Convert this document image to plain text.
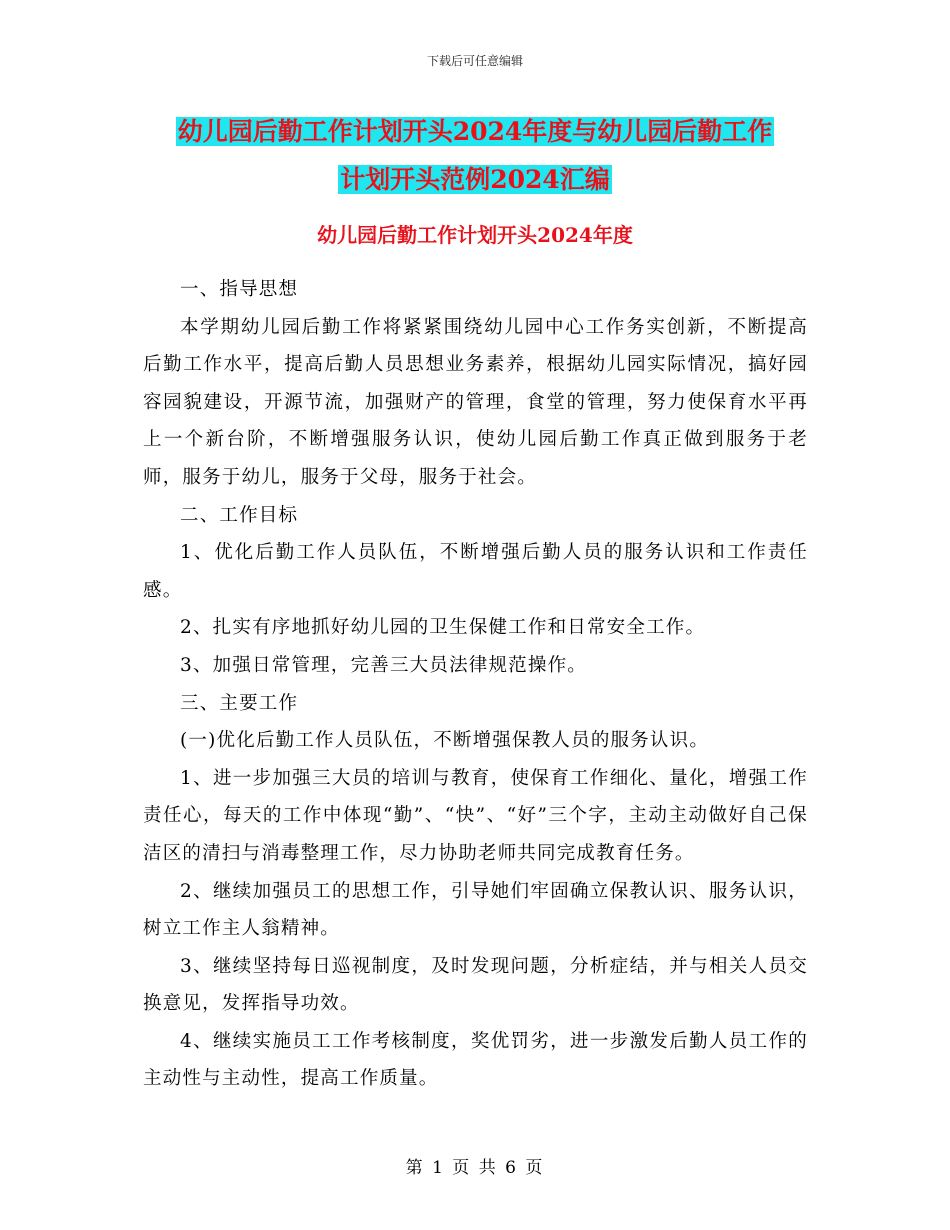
下载后可任意编辑
幼儿园后勤工作计划开头2024年度与幼儿园后勤工作
计划开头范例2024汇编
幼儿园后勤工作计划开头2024年度

一、指导思想

本学期幼儿园后勤工作将紧紧围绕幼儿园中心工作务实创新，不断提高后勤工作水平，提高后勤人员思想业务素养，根据幼儿园实际情况，搞好园容园貌建设，开源节流，加强财产的管理，食堂的管理，努力使保育水平再上一个新台阶，不断增强服务认识，使幼儿园后勤工作真正做到服务于老师，服务于幼儿，服务于父母，服务于社会。

二、工作目标

1、优化后勤工作人员队伍，不断增强后勤人员的服务认识和工作责任感。

2、扎实有序地抓好幼儿园的卫生保健工作和日常安全工作。

3、加强日常管理，完善三大员法律规范操作。

三、主要工作

(一)优化后勤工作人员队伍，不断增强保教人员的服务认识。

1、进一步加强三大员的培训与教育，使保育工作细化、量化，增强工作责任心，每天的工作中体现“勤”、“快”、“好”三个字，主动主动做好自己保洁区的清扫与消毒整理工作，尽力协助老师共同完成教育任务。

2、继续加强员工的思想工作，引导她们牢固确立保教认识、服务认识，树立工作主人翁精神。

3、继续坚持每日巡视制度，及时发现问题，分析症结，并与相关人员交换意见，发挥指导功效。

4、继续实施员工工作考核制度，奖优罚劣，进一步激发后勤人员工作的主动性与主动性，提高工作质量。

第 1 页 共 6 页
